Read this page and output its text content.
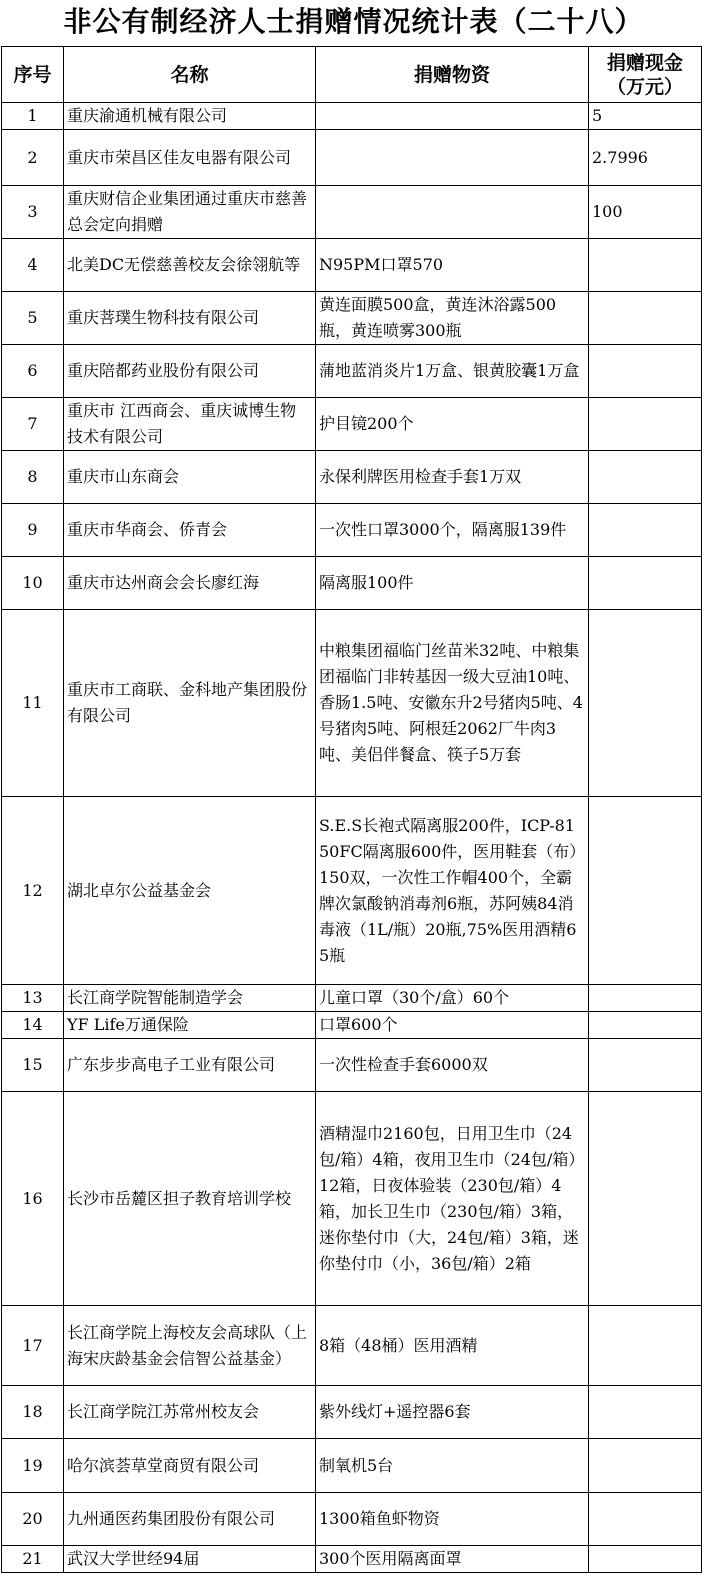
非公有制经济人士捐赠情况统计表（二十八）
序号	名称	捐赠物资	捐赠现金（万元）
1	重庆渝通机械有限公司		5
2	重庆市荣昌区佳友电器有限公司		2.7996
3	重庆财信企业集团通过重庆市慈善总会定向捐赠		100
4	北美DC无偿慈善校友会徐翎航等	N95PM口罩570	
5	重庆菩璞生物科技有限公司	黄连面膜500盒，黄连沐浴露500瓶，黄连喷雾300瓶	
6	重庆陪都药业股份有限公司	蒲地蓝消炎片1万盒、银黄胶囊1万盒	
7	重庆市 江西商会、重庆诚博生物技术有限公司	护目镜200个	
8	重庆市山东商会	永保利牌医用检查手套1万双	
9	重庆市华商会、侨青会	一次性口罩3000个，隔离服139件	
10	重庆市达州商会会长廖红海	隔离服100件	
11	重庆市工商联、金科地产集团股份有限公司	中粮集团福临门丝苗米32吨、中粮集团福临门非转基因一级大豆油10吨、香肠1.5吨、安徽东升2号猪肉5吨、4号猪肉5吨、阿根廷2062厂牛肉3吨、美侣伴餐盒、筷子5万套	
12	湖北卓尔公益基金会	S.E.S长袍式隔离服200件，ICP-8150FC隔离服600件，医用鞋套（布）150双，一次性工作帽400个，全霸牌次氯酸钠消毒剂6瓶，苏阿姨84消毒液（1L/瓶）20瓶,75%医用酒精65瓶	
13	长江商学院智能制造学会	儿童口罩（30个/盒）60个	
14	YF Life万通保险	口罩600个	
15	广东步步高电子工业有限公司	一次性检查手套6000双	
16	长沙市岳麓区担子教育培训学校	酒精湿巾2160包，日用卫生巾（24包/箱）4箱，夜用卫生巾（24包/箱）12箱，日夜体验装（230包/箱）4箱，加长卫生巾（230包/箱）3箱，迷你垫付巾（大，24包/箱）3箱，迷你垫付巾（小，36包/箱）2箱	
17	长江商学院上海校友会高球队（上海宋庆龄基金会信智公益基金）	8箱（48桶）医用酒精	
18	长江商学院江苏常州校友会	紫外线灯+遥控器6套	
19	哈尔滨荟草堂商贸有限公司	制氧机5台	
20	九州通医药集团股份有限公司	1300箱鱼虾物资	
21	武汉大学世经94届	300个医用隔离面罩	
